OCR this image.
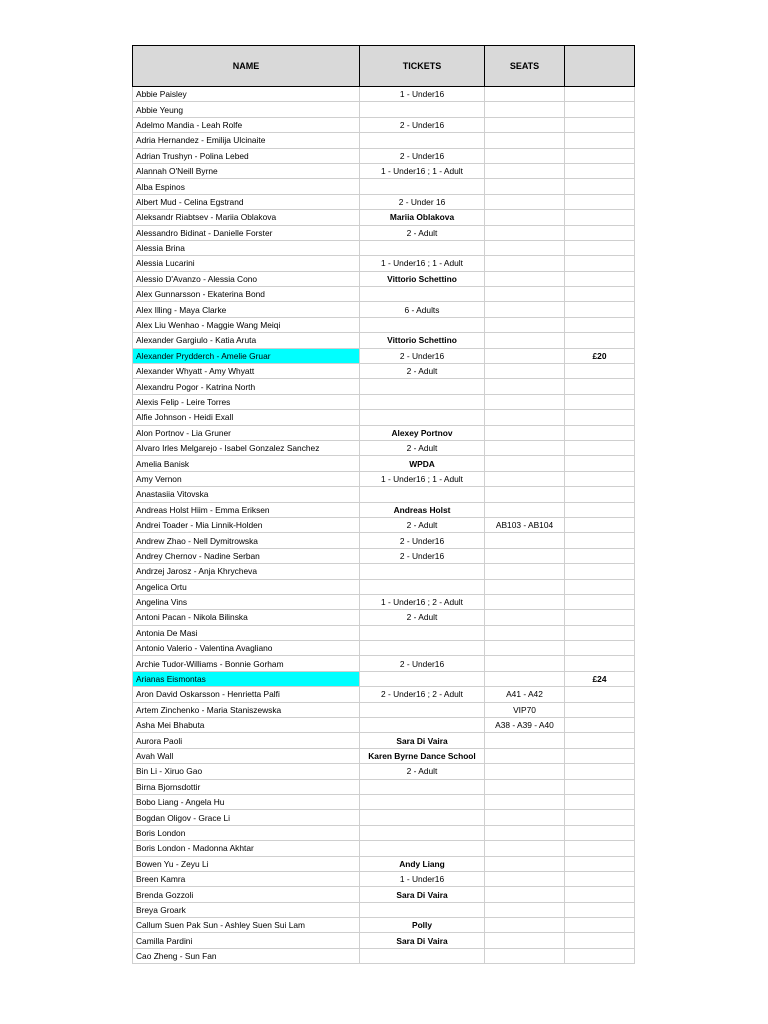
NAME	TICKETS	SEATS	
Abbie Paisley	1 - Under16		
Abbie Yeung			
Adelmo Mandia - Leah Rolfe	2 - Under16		
Adria Hernandez - Emilija Ulcinaite			
Adrian Trushyn - Polina Lebed	2 - Under16		
Alannah O'Neill Byrne	1 - Under16 ; 1 - Adult		
Alba Espinos			
Albert Mud - Celina Egstrand	2 - Under 16		
Aleksandr Riabtsev - Mariia Oblakova	Mariia Oblakova		
Alessandro Bidinat - Danielle Forster	2 - Adult		
Alessia Brina			
Alessia Lucarini	1 - Under16 ; 1 - Adult		
Alessio D'Avanzo - Alessia Cono	Vittorio Schettino		
Alex Gunnarsson - Ekaterina Bond			
Alex Illing - Maya Clarke	6 - Adults		
Alex Liu Wenhao - Maggie Wang Meiqi			
Alexander Gargiulo - Katia Aruta	Vittorio Schettino		
Alexander Prydderch - Amelie Gruar	2 - Under16		£20
Alexander Whyatt - Amy Whyatt	2 - Adult		
Alexandru Pogor - Katrina North			
Alexis Felip - Leire Torres			
Alfie Johnson - Heidi Exall			
Alon Portnov - Lia Gruner	Alexey Portnov		
Alvaro Irles Melgarejo - Isabel Gonzalez Sanchez	2 - Adult		
Amelia Banisk	WPDA		
Amy Vernon	1 - Under16 ; 1 - Adult		
Anastasiia Vitovska			
Andreas Holst Hiim - Emma Eriksen	Andreas Holst		
Andrei Toader - Mia Linnik-Holden	2 - Adult	AB103 - AB104	
Andrew Zhao - Nell Dymitrowska	2 - Under16		
Andrey Chernov - Nadine Serban	2 - Under16		
Andrzej Jarosz - Anja Khrycheva			
Angelica Ortu			
Angelina Vins	1 - Under16 ; 2 - Adult		
Antoni Pacan - Nikola Bilinska	2 - Adult		
Antonia De Masi			
Antonio Valerio - Valentina Avagliano			
Archie Tudor-Williams - Bonnie Gorham	2 - Under16		
Arianas Eismontas			£24
Aron David Oskarsson - Henrietta Palfi	2 - Under16 ; 2 - Adult	A41 - A42	
Artem Zinchenko - Maria Staniszewska		VIP70	
Asha Mei Bhabuta		A38 - A39 - A40	
Aurora Paoli	Sara Di Vaira		
Avah Wall	Karen Byrne Dance School		
Bin Li - Xiruo Gao	2 - Adult		
Birna Bjornsdottir			
Bobo Liang - Angela Hu			
Bogdan Oligov - Grace Li			
Boris London			
Boris London - Madonna Akhtar			
Bowen Yu - Zeyu Li	Andy Liang		
Breen Kamra	1 - Under16		
Brenda Gozzoli	Sara Di Vaira		
Breya Groark			
Callum Suen Pak Sun - Ashley Suen Sui Lam	Polly		
Camilla Pardini	Sara Di Vaira		
Cao Zheng - Sun Fan			
